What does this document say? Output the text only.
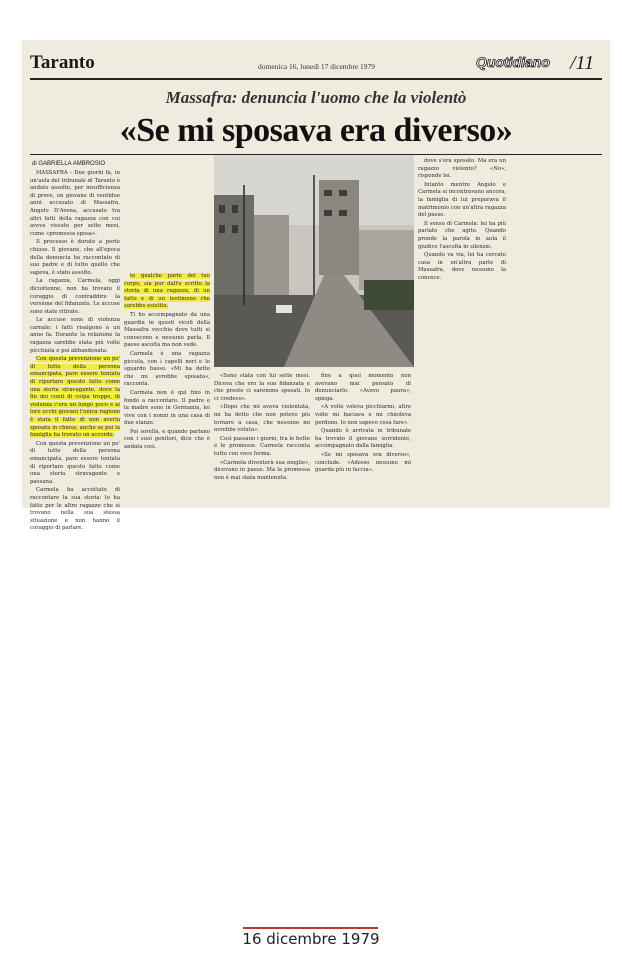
Taranto	domenica 16, lunedì 17 dicembre 1979	Quotidiano /11
Massafra: denuncia l'uomo che la violentò
«Se mi sposava era diverso»
di GABRIELLA AMBROSIO

MASSAFRA - Due giorni fa, in un'aula del tribunale di Taranto è andato assolto, per insufficienza di prove, un giovane di ventidue anni accusato di Massafra, Angelo D'Avena, accusato tra altri fatti della ragazza con cui aveva vissuto per sette mesi, come «promessa sposa».

Il processo è durato a porte chiuse. Il giovane, che all'epoca della denuncia ha raccontato di suo padre e di tutto quello che sapeva, è stato assolto.

La ragazza, Carmela, oggi diciottenne, non ha trovato il coraggio di contraddire la versione del fidanzato. Le accuse sono state ritirate.

Le accuse sono di violenza carnale: i fatti risalgono a un anno fa. Durante la relazione la ragazza sarebbe stata più volte picchiata e poi abbandonata.

Con questa prevenzione un po' di tutto della persona emancipata, pare essere tentata di riportare questo fatto come una storia stravagante, dove la fin dei conti di colpa troppo, di violenza c'era un lungo poco e ai loro occhi giovani l'unica ragione è stata il fatto di non averla sposata in chiesa, anche se poi la famiglia ha trovato un accordo.

Con questa prevenzione un po' di tutto della persona emancipata, pare essere tentata di riportare questo fatto come una storia stravagante e paesana.

Carmela ha accettato di raccontare la sua storia: lo ha fatto per le altre ragazze che si trovano nella sua stessa situazione e non hanno il coraggio di parlare.

te qualche parte del tuo corpo, sia pur dall'e scritto la storia di una ragazza, di un fatto e di un testimone che sarebbe esistito.

Ti ho accompagnato da una guardia in questi vicoli della Massafra vecchia dove tutti si conoscono e nessuno parla. Il paese ascolta ma non vede.

Carmela è una ragazza piccola, con i capelli neri e lo sguardo basso. «Mi ha detto che mi avrebbe sposata», racconta.

Carmela non è qui fino in fondo a raccontare. Il padre e la madre sono in Germania, lei vive con i nonni in una casa di due stanze.

Poi sorella, e quando parlano con i suoi genitori, dice che è andata così.

«Sono stata con lui sette mesi. Diceva che ero la sua fidanzata e che presto ci saremmo sposati. Io ci credevo».

«Dopo che mi aveva violentata, mi ha detto che non potevo più tornare a casa, che nessuno mi avrebbe voluta».

Così passano i giorni, tra le botte e le promesse. Carmela racconta tutto con voce ferma.

«Carmela diventerà sua moglie», dicevano in paese. Ma la promessa non è mai stata mantenuta.

fino a quel momento non avevano mai pensato di denunciarlo. «Avevo paura», spiega.

«A volte voleva picchiarmi, altre volte mi baciava e mi chiedeva perdono. Io non sapevo cosa fare».

Quando è arrivata in tribunale ha trovato il giovane sorridente, accompagnato dalla famiglia.

«Se mi sposava era diverso», conclude. «Adesso nessuno mi guarda più in faccia».

dove s'era sposato. Ma era un ragazzo violento? «No», risponde lei.

Intanto mentre Angelo e Carmela si incontravano ancora, la famiglia di lui preparava il matrimonio con un'altra ragazza del paese.

Il senso di Carmela: lei ha più parlato che agito. Quando prende la parola in aula il giudice l'ascolta in silenzio.

Quando va via, lei ha cercato casa in un'altra parte di Massafra, dove nessuno la conosce.

16 dicembre 1979
